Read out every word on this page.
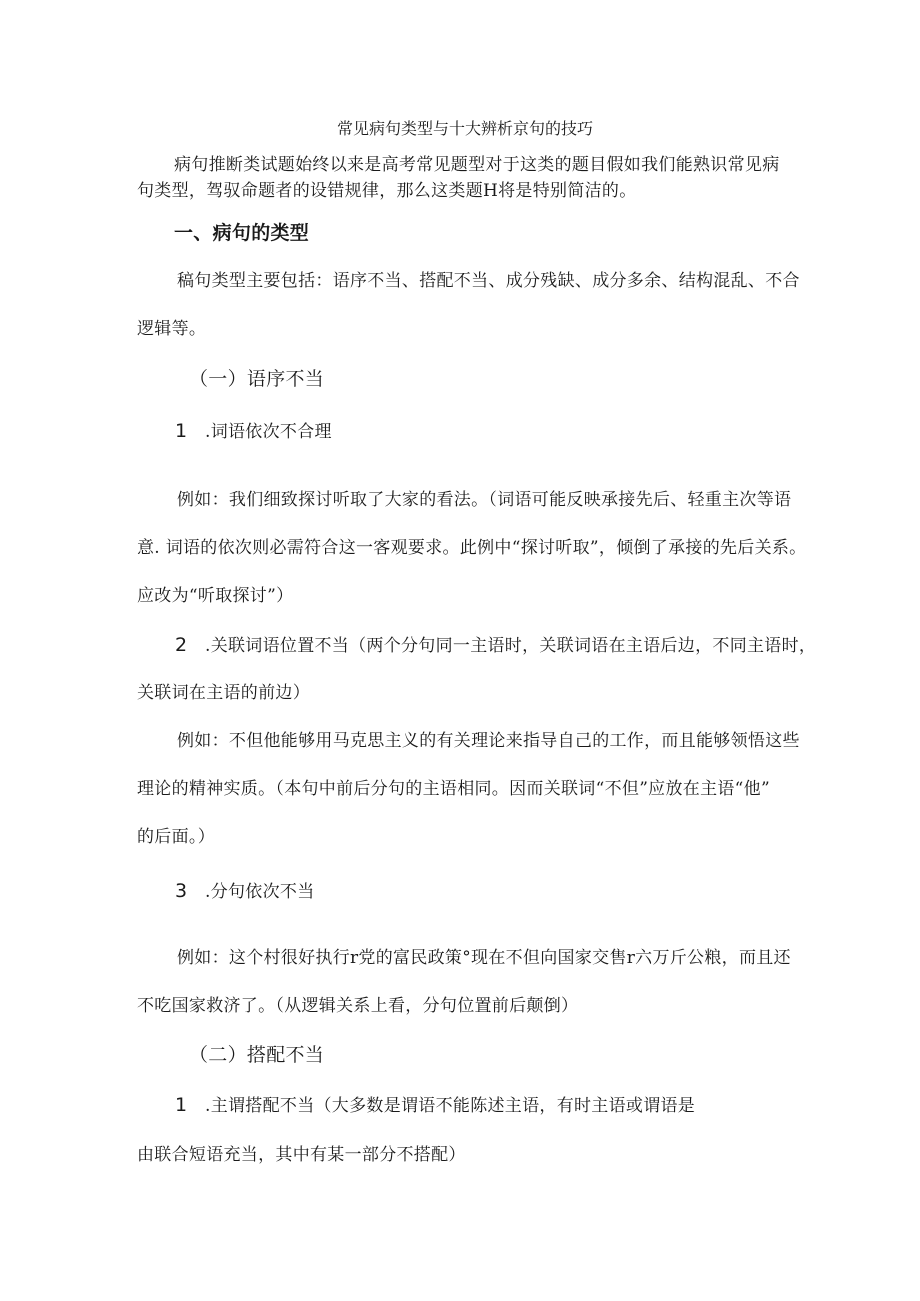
常见病句类型与十大辨析京句的技巧
病句推断类试题始终以来是高考常见题型对于这类的题目假如我们能熟识常见病
句类型，驾驭命题者的设错规律，那么这类题H将是特别简洁的。
一、病句的类型
稿句类型主要包括：语序不当、搭配不当、成分残缺、成分多余、结构混乱、不合
逻辑等。
（一）语序不当
1 .词语依次不合理
例如：我们细致探讨听取了大家的看法。（词语可能反映承接先后、轻重主次等语
意. 词语的依次则必需符合这一客观要求。此例中“探讨听取”，倾倒了承接的先后关系。
应改为“听取探讨”）
2 .关联词语位置不当（两个分句同一主语时，关联词语在主语后边，不同主语时，
关联词在主语的前边）
例如：不但他能够用马克思主义的有关理论来指导自己的工作，而且能够领悟这些
理论的精神实质。（本句中前后分句的主语相同。因而关联词“不但”应放在主语“他”
的后面。）
3 .分句依次不当
例如：这个村很好执行r党的富民政策°现在不但向国家交售r六万斤公粮，而且还
不吃国家救济了。（从逻辑关系上看，分句位置前后颠倒）
（二）搭配不当
1 .主谓搭配不当（大多数是谓语不能陈述主语，有时主语或谓语是
由联合短语充当，其中有某一部分不搭配）
